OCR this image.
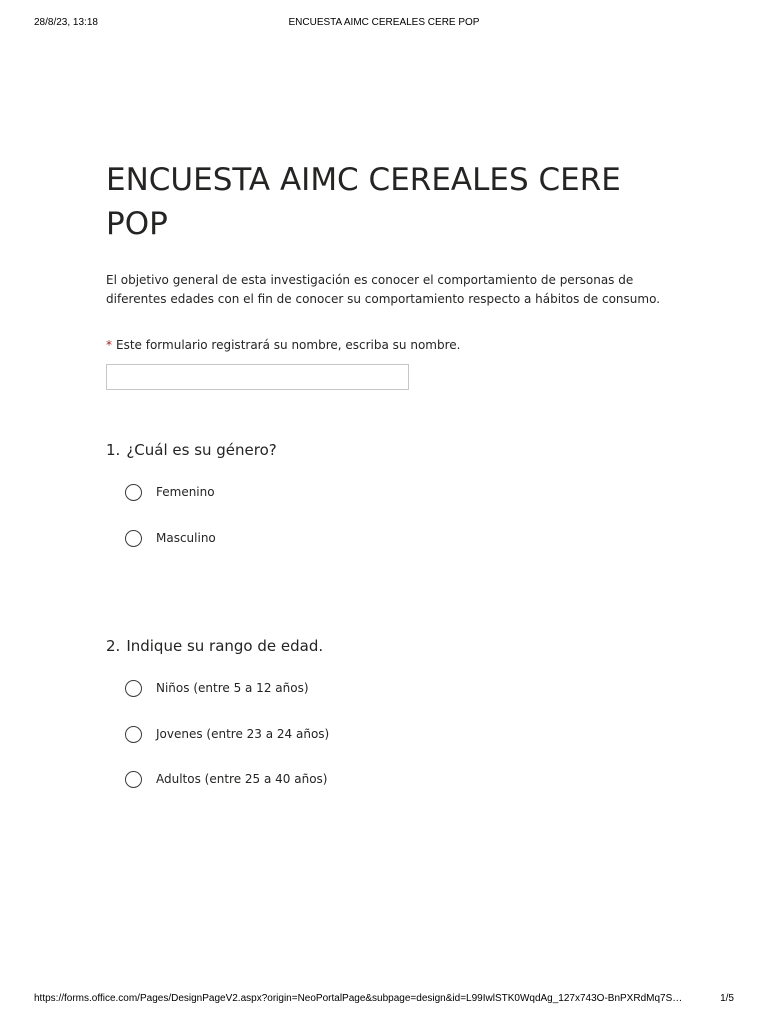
28/8/23, 13:18	ENCUESTA AIMC CEREALES CERE POP
ENCUESTA AIMC CEREALES CERE POP

El objetivo general de esta investigación es conocer el comportamiento de personas de diferentes edades con el fin de conocer su comportamiento respecto a hábitos de consumo.

* Este formulario registrará su nombre, escriba su nombre.
1. ¿Cuál es su género?
Femenino
Masculino
2. Indique su rango de edad.
Niños (entre 5 a 12 años)
Jovenes (entre 23 a 24 años)
Adultos (entre 25 a 40 años)
https://forms.office.com/Pages/DesignPageV2.aspx?origin=NeoPortalPage&subpage=design&id=L99IwlSTK0WqdAg_127x743O-BnPXRdMq7S…	1/5
